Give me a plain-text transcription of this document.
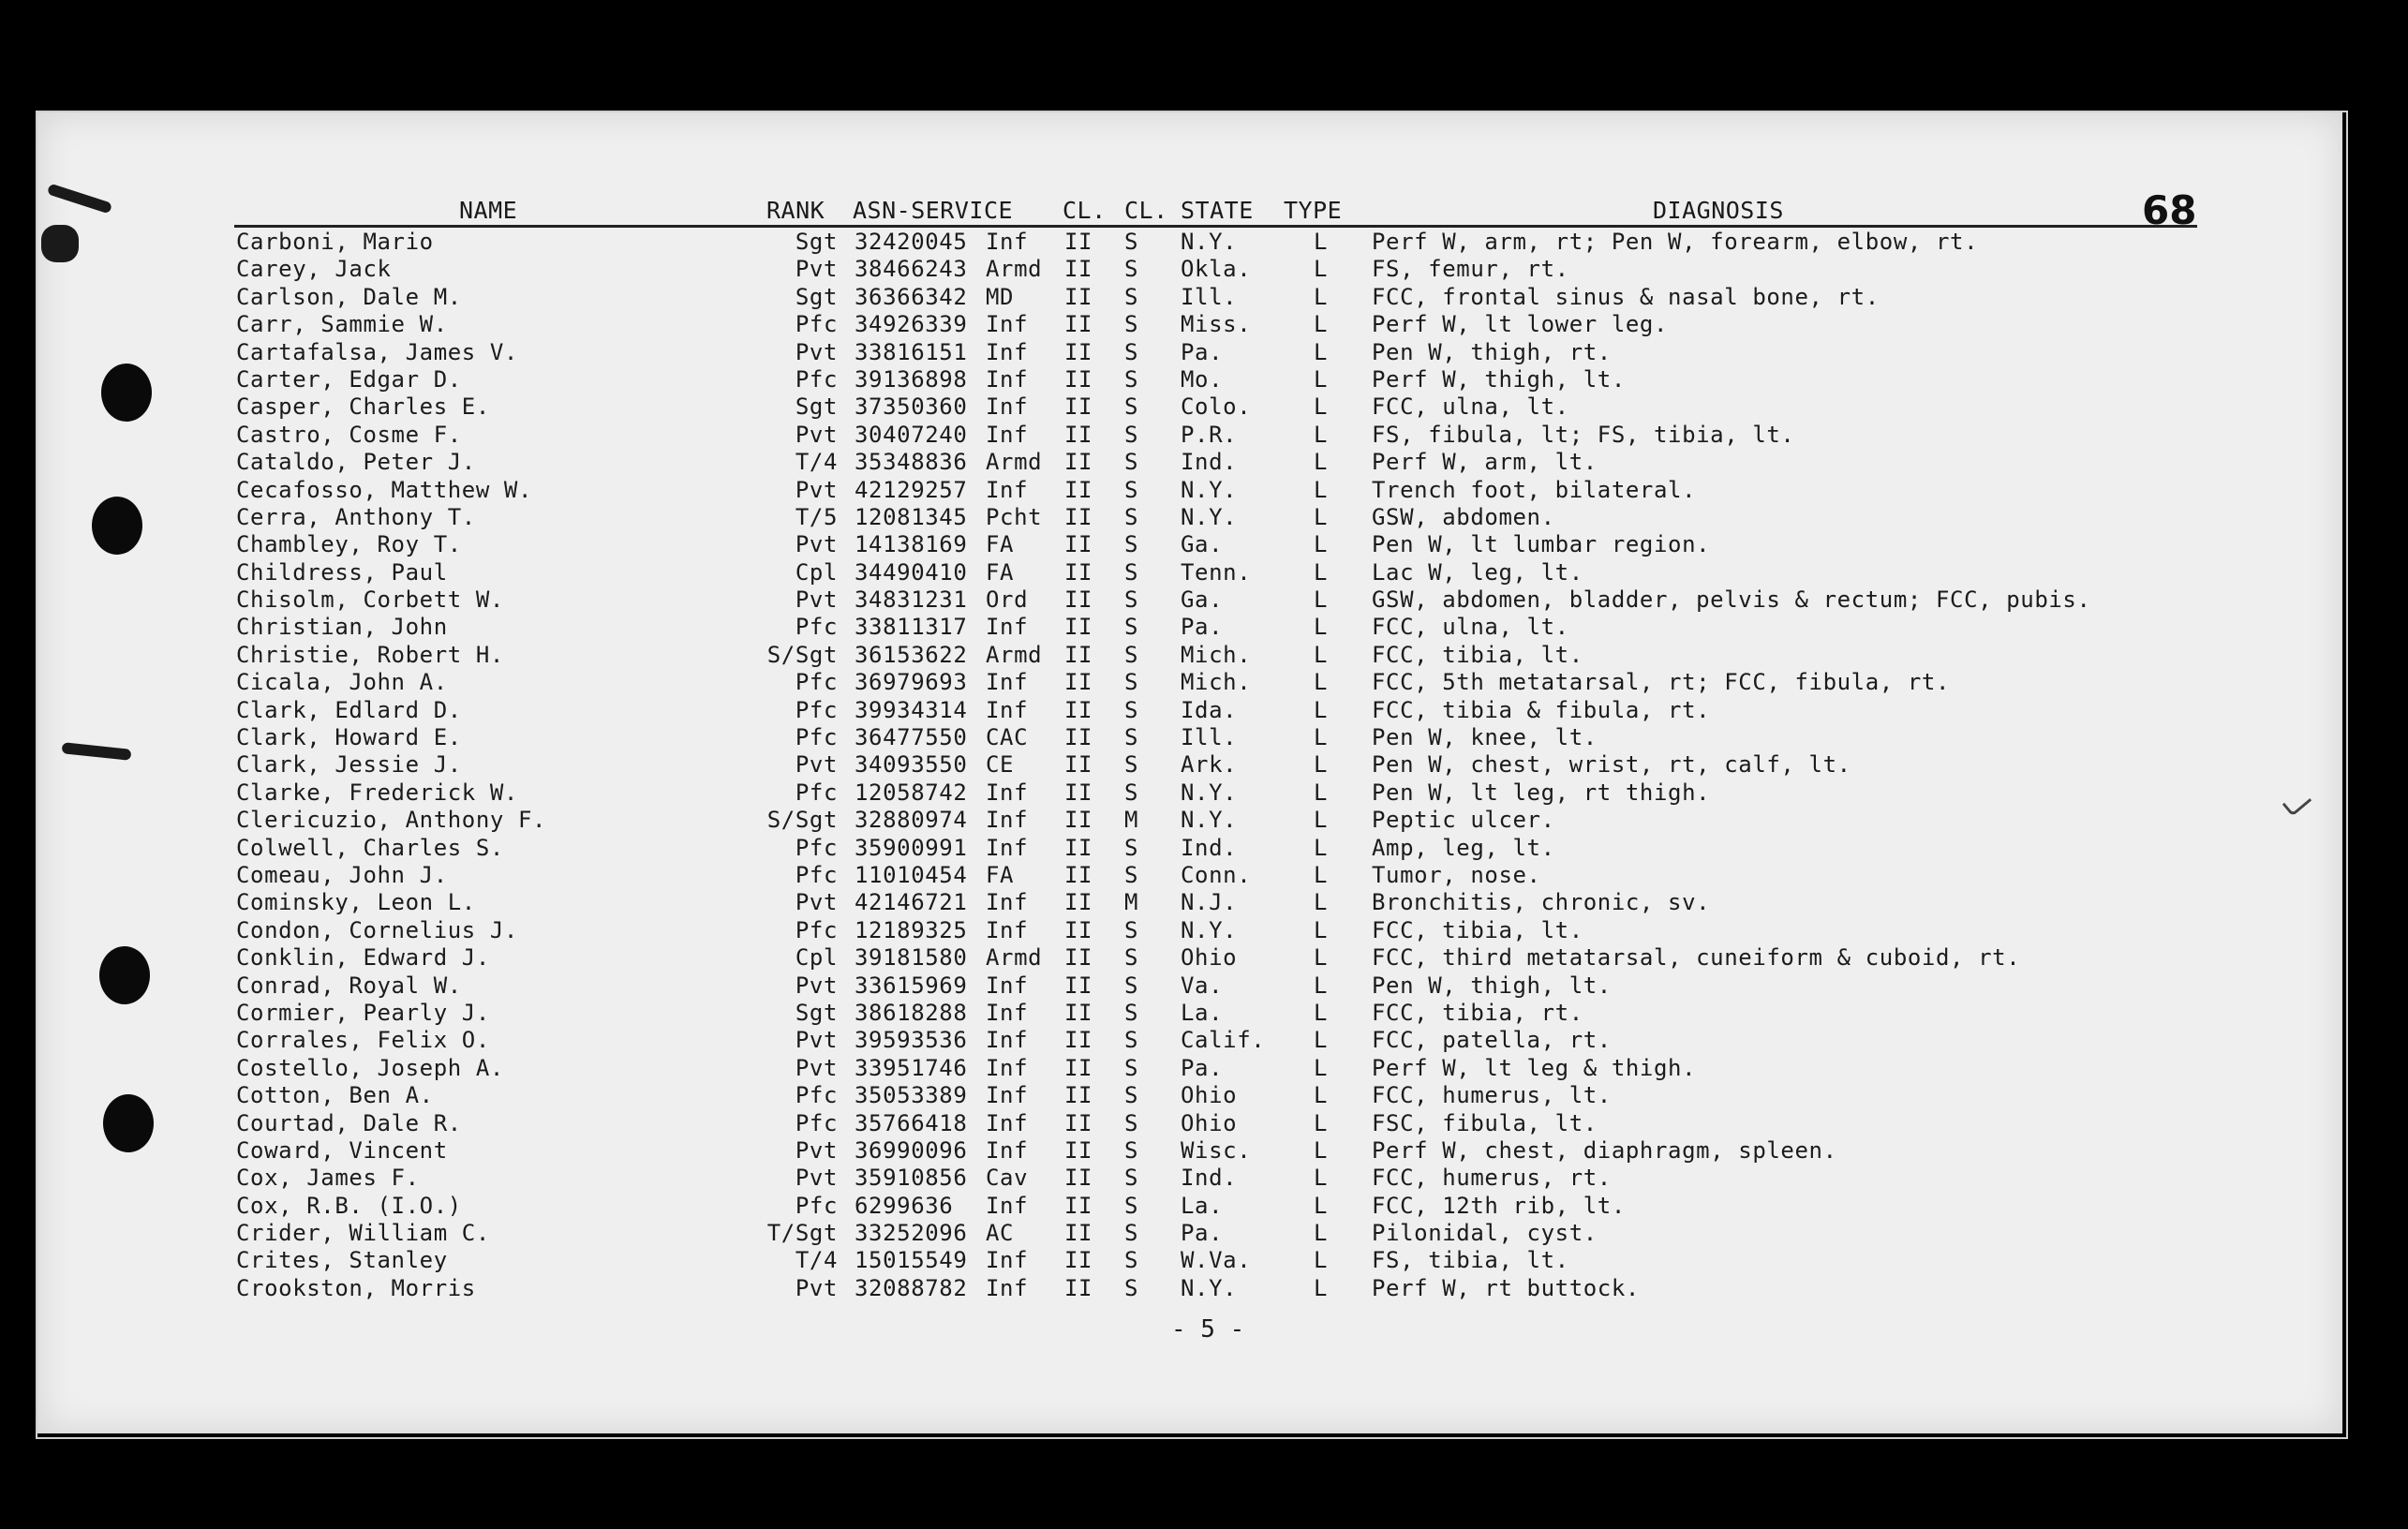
NAME	RANK ASN-SERVICE CL. CL. STATE TYPE	DIAGNOSIS	68
Carboni, Mario	Sgt 32420045 Inf II S N.Y.	L Perf W, arm, rt; Pen W, forearm, elbow, rt.
Carey, Jack	Pvt 38466243 Armd II S Okla.	L FS, femur, rt.
Carlson, Dale M.	Sgt 36366342 MD II S Ill.	L FCC, frontal sinus & nasal bone, rt.
Carr, Sammie W.	Pfc 34926339 Inf II S Miss.	L Perf W, lt lower leg.
Cartafalsa, James V.	Pvt 33816151 Inf II S Pa.	L Pen W, thigh, rt.
Carter, Edgar D.	Pfc 39136898 Inf II S Mo.	L Perf W, thigh, lt.
Casper, Charles E.	Sgt 37350360 Inf II S Colo.	L FCC, ulna, lt.
Castro, Cosme F.	Pvt 30407240 Inf II S P.R.	L FS, fibula, lt; FS, tibia, lt.
Cataldo, Peter J.	T/4 35348836 Armd II S Ind.	L Perf W, arm, lt.
Cecafosso, Matthew W.	Pvt 42129257 Inf II S N.Y.	L Trench foot, bilateral.
Cerra, Anthony T.	T/5 12081345 Pcht II S N.Y.	L GSW, abdomen.
Chambley, Roy T.	Pvt 14138169 FA II S Ga.	L Pen W, lt lumbar region.
Childress, Paul	Cpl 34490410 FA II S Tenn.	L Lac W, leg, lt.
Chisolm, Corbett W.	Pvt 34831231 Ord II S Ga.	L GSW, abdomen, bladder, pelvis & rectum; FCC, pubis.
Christian, John	Pfc 33811317 Inf II S Pa.	L FCC, ulna, lt.
Christie, Robert H.	S/Sgt 36153622 Armd II S Mich.	L FCC, tibia, lt.
Cicala, John A.	Pfc 36979693 Inf II S Mich.	L FCC, 5th metatarsal, rt; FCC, fibula, rt.
Clark, Edlard D.	Pfc 39934314 Inf II S Ida.	L FCC, tibia & fibula, rt.
Clark, Howard E.	Pfc 36477550 CAC II S Ill.	L Pen W, knee, lt.
Clark, Jessie J.	Pvt 34093550 CE II S Ark.	L Pen W, chest, wrist, rt, calf, lt.
Clarke, Frederick W.	Pfc 12058742 Inf II S N.Y.	L Pen W, lt leg, rt thigh.
Clericuzio, Anthony F.	S/Sgt 32880974 Inf II M N.Y.	L Peptic ulcer.
Colwell, Charles S.	Pfc 35900991 Inf II S Ind.	L Amp, leg, lt.
Comeau, John J.	Pfc 11010454 FA II S Conn.	L Tumor, nose.
Cominsky, Leon L.	Pvt 42146721 Inf II M N.J.	L Bronchitis, chronic, sv.
Condon, Cornelius J.	Pfc 12189325 Inf II S N.Y.	L FCC, tibia, lt.
Conklin, Edward J.	Cpl 39181580 Armd II S Ohio	L FCC, third metatarsal, cuneiform & cuboid, rt.
Conrad, Royal W.	Pvt 33615969 Inf II S Va.	L Pen W, thigh, lt.
Cormier, Pearly J.	Sgt 38618288 Inf II S La.	L FCC, tibia, rt.
Corrales, Felix O.	Pvt 39593536 Inf II S Calif. L FCC, patella, rt.
Costello, Joseph A.	Pvt 33951746 Inf II S Pa.	L Perf W, lt leg & thigh.
Cotton, Ben A.	Pfc 35053389 Inf II S Ohio	L FCC, humerus, lt.
Courtad, Dale R.	Pfc 35766418 Inf II S Ohio	L FSC, fibula, lt.
Coward, Vincent	Pvt 36990096 Inf II S Wisc.	L Perf W, chest, diaphragm, spleen.
Cox, James F.	Pvt 35910856 Cav II S Ind.	L FCC, humerus, rt.
Cox, R.B. (I.O.)	Pfc 6299636 Inf II S La.	L FCC, 12th rib, lt.
Crider, William C.	T/Sgt 33252096 AC II S Pa.	L Pilonidal, cyst.
Crites, Stanley	T/4 15015549 Inf II S W.Va.	L FS, tibia, lt.
Crookston, Morris	Pvt 32088782 Inf II S N.Y.	L Perf W, rt buttock.
- 5 -
